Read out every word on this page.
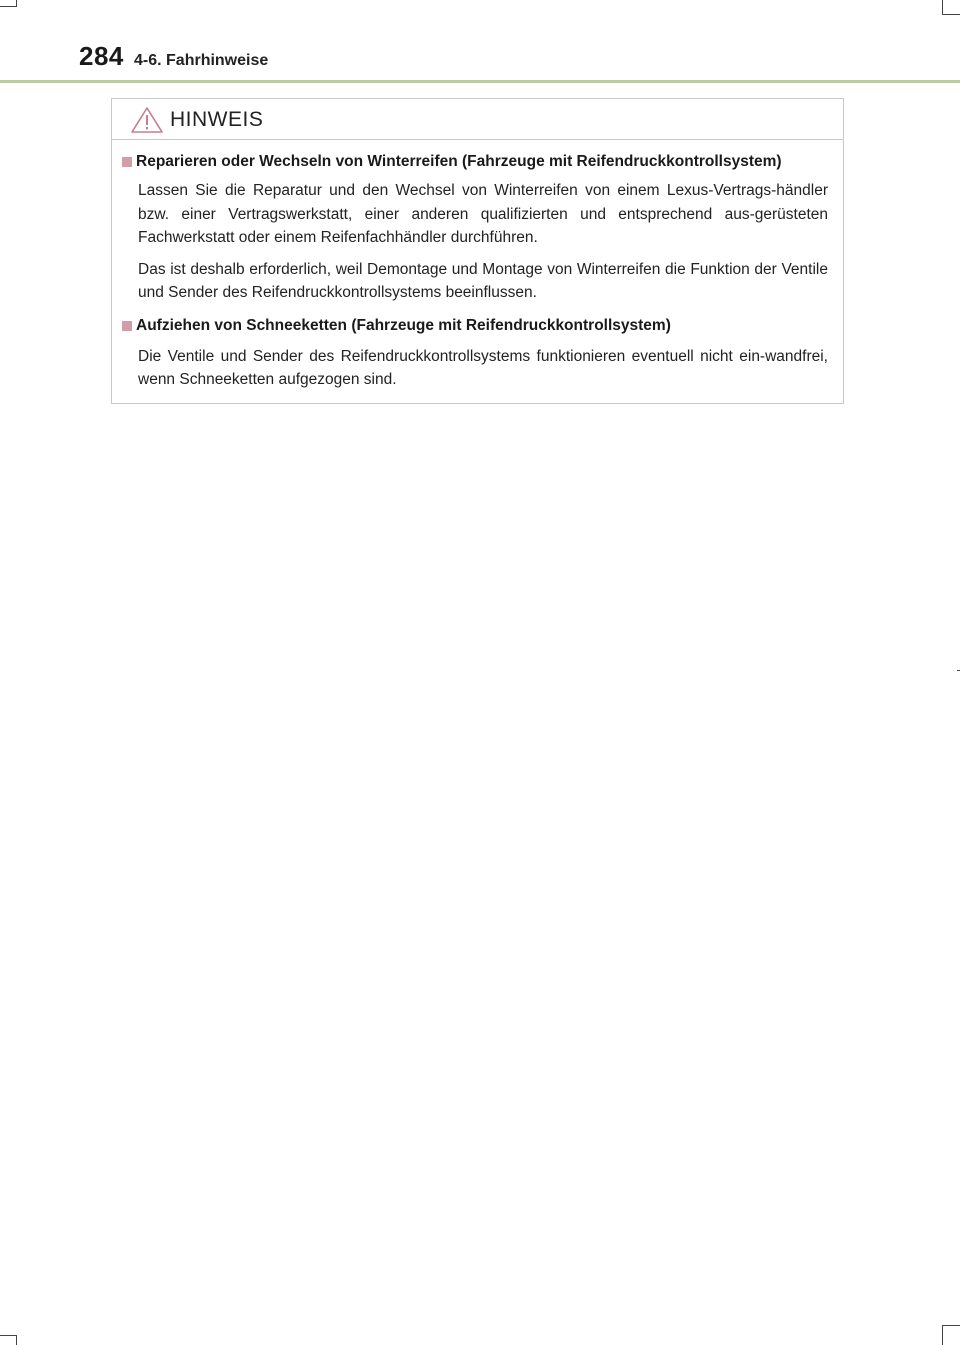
284 4-6. Fahrhinweise
HINWEIS
Reparieren oder Wechseln von Winterreifen (Fahrzeuge mit Reifendruckkontrollsystem)
Lassen Sie die Reparatur und den Wechsel von Winterreifen von einem Lexus-Vertrags-händler bzw. einer Vertragswerkstatt, einer anderen qualifizierten und entsprechend aus-gerüsteten Fachwerkstatt oder einem Reifenfachhändler durchführen.
Das ist deshalb erforderlich, weil Demontage und Montage von Winterreifen die Funktion der Ventile und Sender des Reifendruckkontrollsystems beeinflussen.
Aufziehen von Schneeketten (Fahrzeuge mit Reifendruckkontrollsystem)
Die Ventile und Sender des Reifendruckkontrollsystems funktionieren eventuell nicht ein-wandfrei, wenn Schneeketten aufgezogen sind.
